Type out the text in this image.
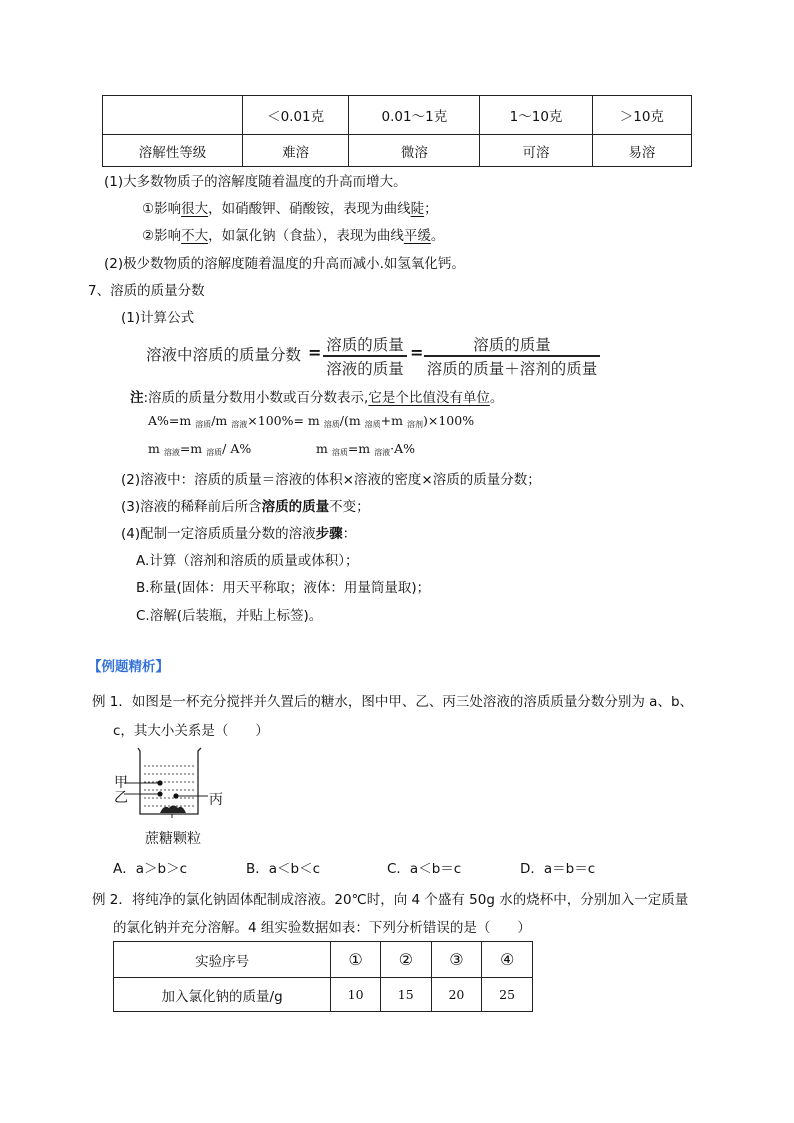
	＜0.01克	0.01～1克	1～10克	＞10克
溶解性等级	难溶	微溶	可溶	易溶
(1)大多数物质子的溶解度随着温度的升高而增大。
①影响很大，如硝酸钾、硝酸铵，表现为曲线陡；
②影响不大，如氯化钠（食盐），表现为曲线平缓。
(2)极少数物质的溶解度随着温度的升高而减小.如氢氧化钙。
7、溶质的质量分数
(1)计算公式
溶液中溶质的质量分数 = 溶质的质量
溶液的质量
=	溶质的质量
溶质的质量＋溶剂的质量
注:溶质的质量分数用小数或百分数表示,它是个比值没有单位。
A%=m $_{溶质}$/m $_{溶液}$×100%= m $_{溶质}$/(m $_{溶质}$+m $_{溶剂}$)×100%
m $_{溶液}$=m $_{溶质}$/ A%	m $_{溶质}$=m $_{溶液}$·A%
(2)溶液中：溶质的质量＝溶液的体积×溶液的密度×溶质的质量分数；
(3)溶液的稀释前后所含溶质的质量不变；
(4)配制一定溶质质量分数的溶液步骤：
A.计算（溶剂和溶质的质量或体积）；
B.称量(固体：用天平称取；液体：用量筒量取)；
C.溶解(后装瓶，并贴上标签)。
【例题精析】
例 1．如图是一杯充分搅拌并久置后的糖水，图中甲、乙、丙三处溶液的溶质质量分数分别为 a、b、
c，其大小关系是（　　）
甲
乙	丙
蔗糖颗粒
A．a＞b＞c	B．a＜b＜c	C．a＜b＝c	D．a＝b＝c
例 2．将纯净的氯化钠固体配制成溶液。20℃时，向 4 个盛有 50g 水的烧杯中，分别加入一定质量
的氯化钠并充分溶解。4 组实验数据如表：下列分析错误的是（　　）
实验序号	①	②	③	④
加入氯化钠的质量/g	10	15	20	25
